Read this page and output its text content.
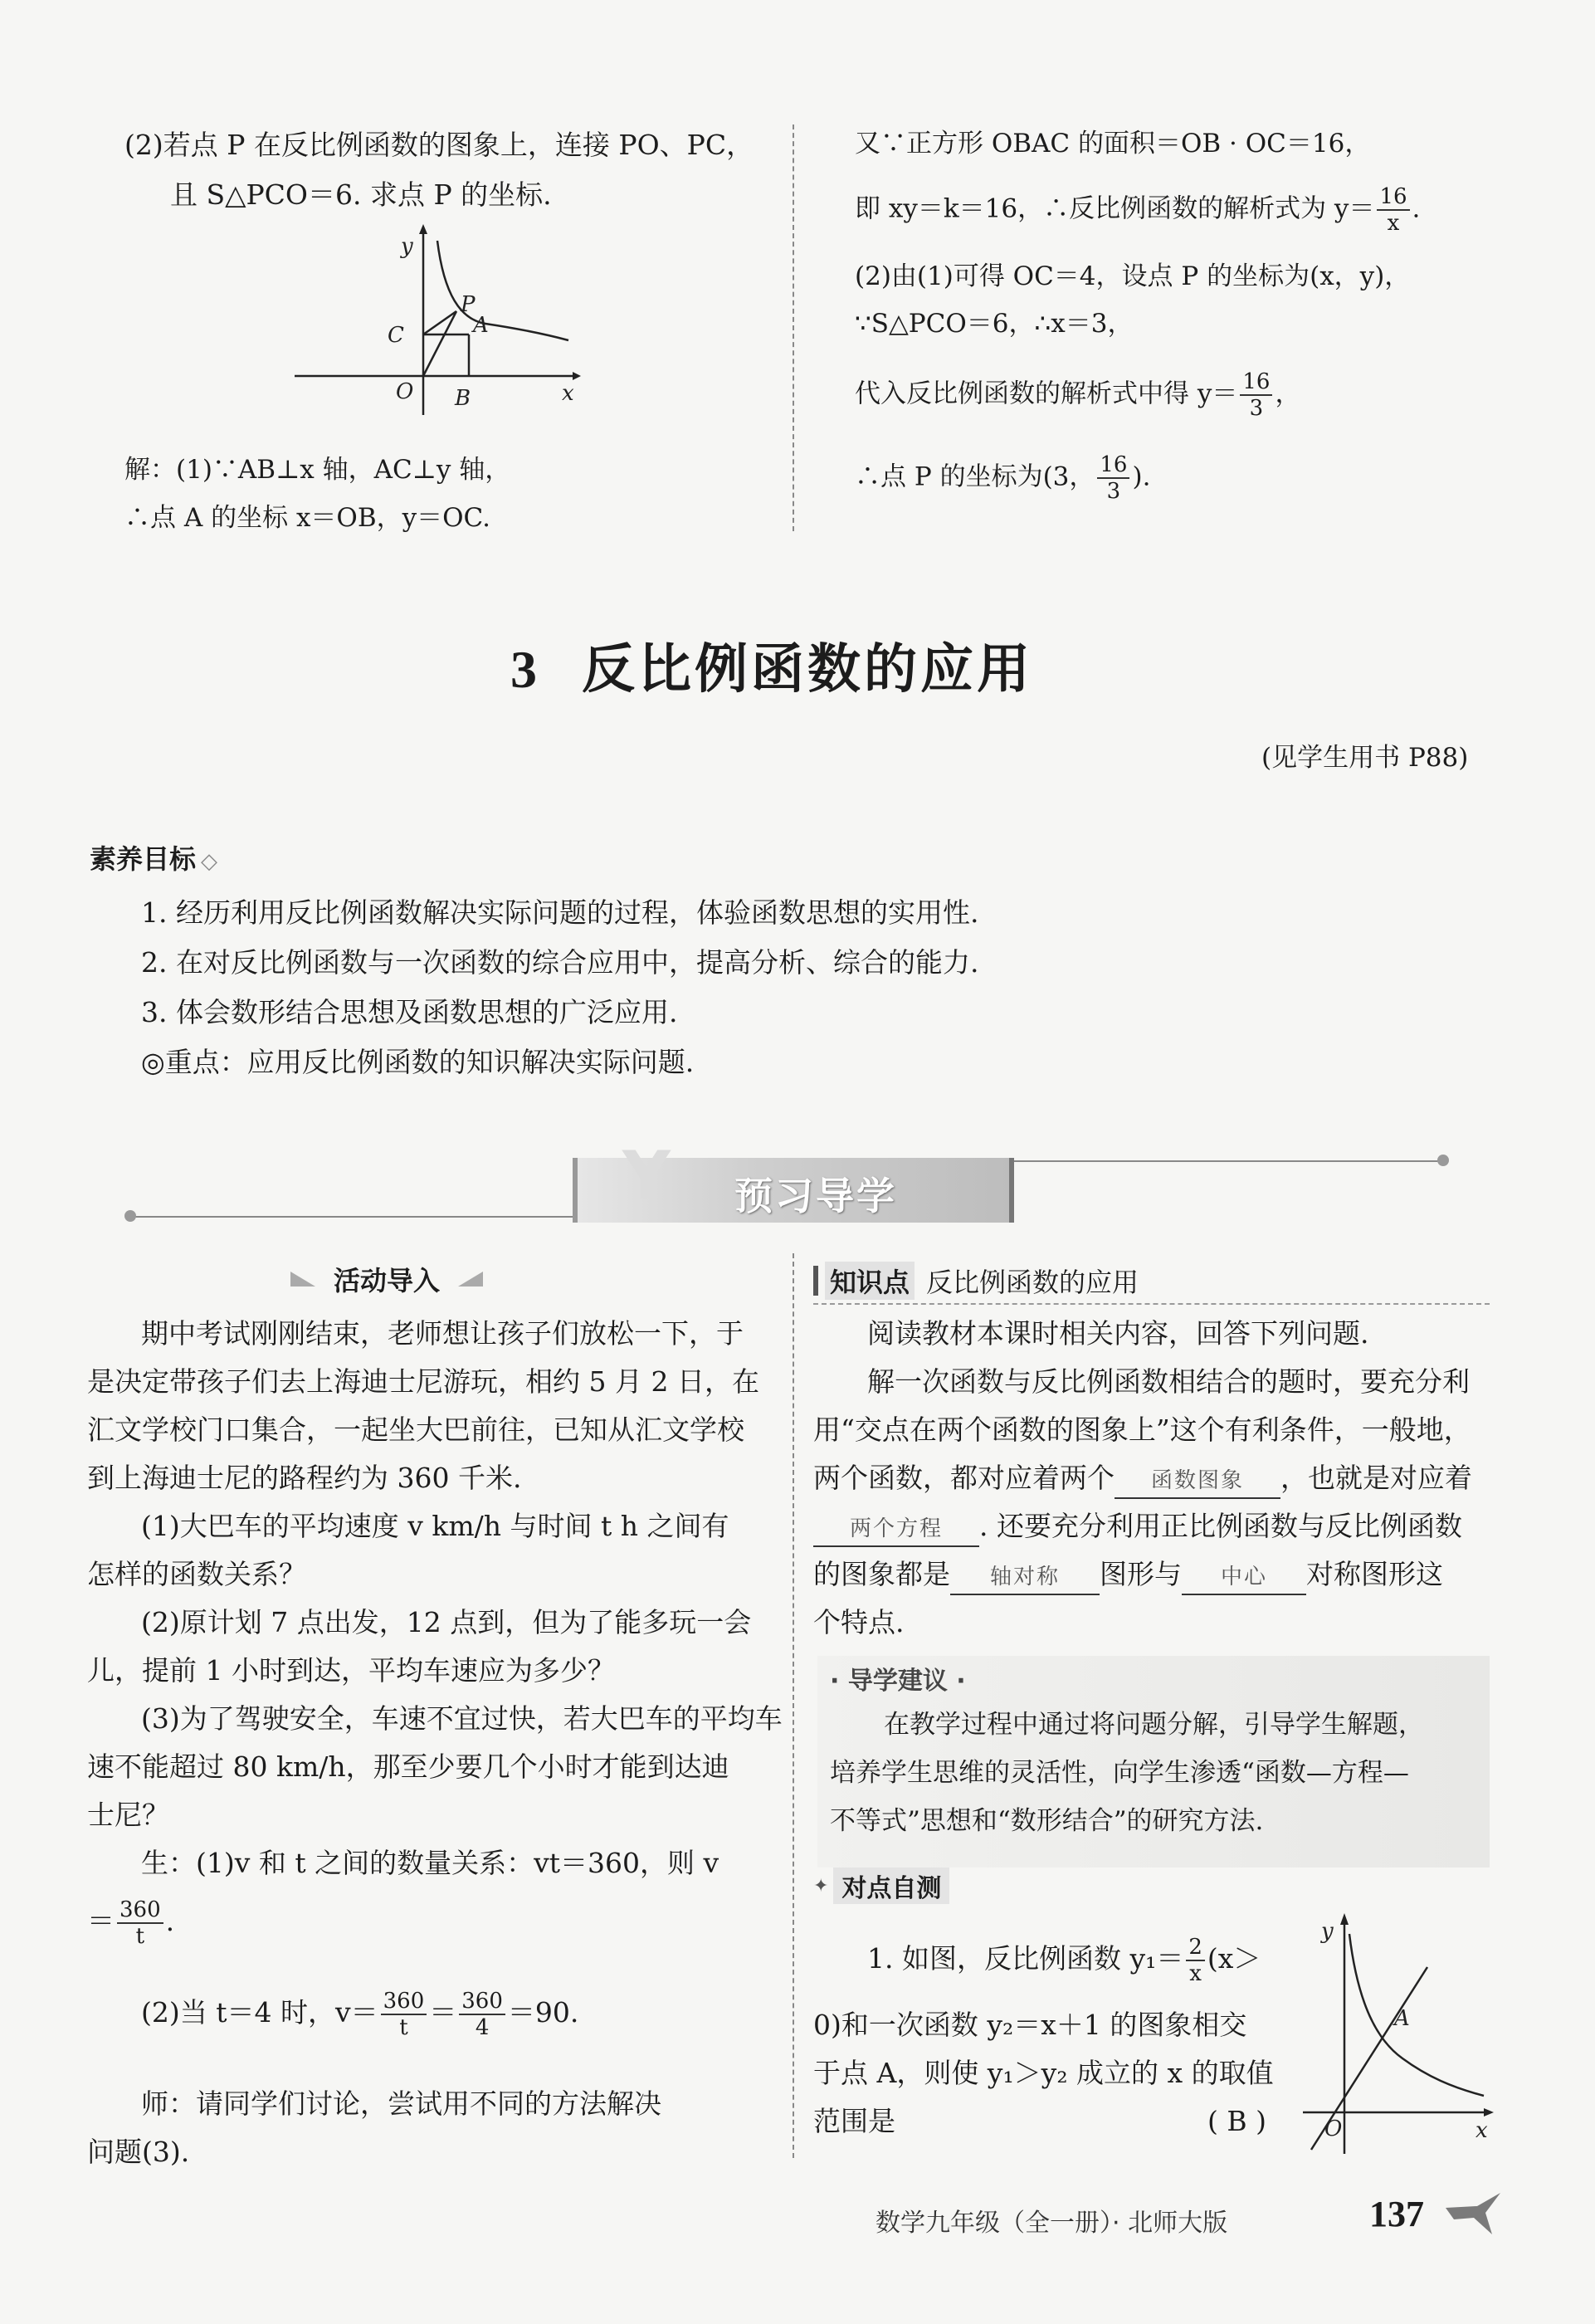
(2)若点 P 在反比例函数的图象上，连接 PO、PC，
且 S△PCO＝6. 求点 P 的坐标.
y
x
O B
C
P
A
解：(1)∵AB⊥x 轴，AC⊥y 轴，
∴点 A 的坐标 x＝OB，y＝OC.
又∵正方形 OBAC 的面积＝OB · OC＝16，
即 xy＝k＝16，∴反比例函数的解析式为 $y= \frac{16}{x}$ .
(2)由(1)可得 OC＝4，设点 P 的坐标为(x，y)，
∵S△PCO＝6，∴x＝3，
代入反比例函数的解析式中得 $y= \frac{16}{3}$ ，
∴点 P 的坐标为(3， $\frac{16}{3}$ ).
3 反比例函数的应用
(见学生用书 P88)
素养目标 ◇
1. 经历利用反比例函数解决实际问题的过程，体验函数思想的实用性.
2. 在对反比例函数与一次函数的综合应用中，提高分析、综合的能力.
3. 体会数形结合思想及函数思想的广泛应用.
◎重点：应用反比例函数的知识解决实际问题.
Y 预习导学
活动导入
期中考试刚刚结束，老师想让孩子们放松一下，于
是决定带孩子们去上海迪士尼游玩，相约 5 月 2 日，在
汇文学校门口集合，一起坐大巴前往，已知从汇文学校
到上海迪士尼的路程约为 360 千米.
(1)大巴车的平均速度 v km/h 与时间 t h 之间有
怎样的函数关系？
(2)原计划 7 点出发，12 点到，但为了能多玩一会
儿，提前 1 小时到达，平均车速应为多少？
(3)为了驾驶安全，车速不宜过快，若大巴车的平均车
速不能超过 80 km/h，那至少要几个小时才能到达迪
士尼？
生：(1)v 和 t 之间的数量关系：vt＝360，则 v
＝ $\frac{360}{t}$ .
(2)当 t＝4 时，$v= \frac{360}{t} = \frac{360}{4} =90$.
师：请同学们讨论，尝试用不同的方法解决
问题(3).
知识点 反比例函数的应用
阅读教材本课时相关内容，回答下列问题.
解一次函数与反比例函数相结合的题时，要充分利
用“交点在两个函数的图象上”这个有利条件，一般地，
两个函数，都对应着两个 函数图象 ，也就是对应着
两个方程 . 还要充分利用正比例函数与反比例函数
的图象都是 轴对称 图形与 中心 对称图形这
个特点.
· 导学建议 ·
在教学过程中通过将问题分解，引导学生解题，
培养学生思维的灵活性，向学生渗透“函数—方程—
不等式”思想和“数形结合”的研究方法.
✦ 对点自测
1. 如图，反比例函数 $y_1= \frac{2}{x} (x>$
0)和一次函数 y₂＝x＋1 的图象相交
于点 A，则使 y₁＞y₂ 成立的 x 的取值
范围是	( B )
y
x
O
A
数学九年级（全一册）· 北师大版	137
